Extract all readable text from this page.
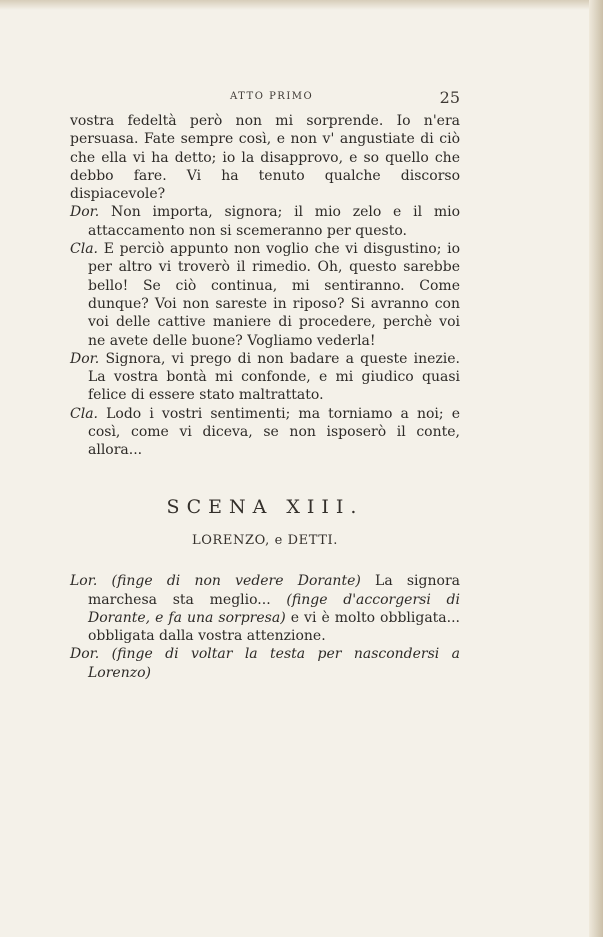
ATTO PRIMO	25

vostra fedeltà però non mi sorprende. Io n'era persuasa. Fate sempre così, e non v' angustiate di ciò che ella vi ha detto; io la disapprovo, e so quello che debbo fare. Vi ha tenuto qualche discorso dispiacevole?

Dor. Non importa, signora; il mio zelo e il mio attaccamento non si scemeranno per questo.

Cla. E perciò appunto non voglio che vi disgustino; io per altro vi troverò il rimedio. Oh, questo sarebbe bello! Se ciò continua, mi sentiranno. Come dunque? Voi non sareste in riposo? Si avranno con voi delle cattive maniere di procedere, perchè voi ne avete delle buone? Vogliamo vederla!

Dor. Signora, vi prego di non badare a queste inezie. La vostra bontà mi confonde, e mi giudico quasi felice di essere stato maltrattato.

Cla. Lodo i vostri sentimenti; ma torniamo a noi; e così, come vi diceva, se non isposerò il conte, allora...

SCENA XIII.

LORENZO, e DETTI.

Lor. (finge di non vedere Dorante) La signora marchesa sta meglio... (finge d'accorgersi di Dorante, e fa una sorpresa) e vi è molto obbligata... obbligata dalla vostra attenzione.

Dor. (finge di voltar la testa per nascondersi a Lorenzo)
